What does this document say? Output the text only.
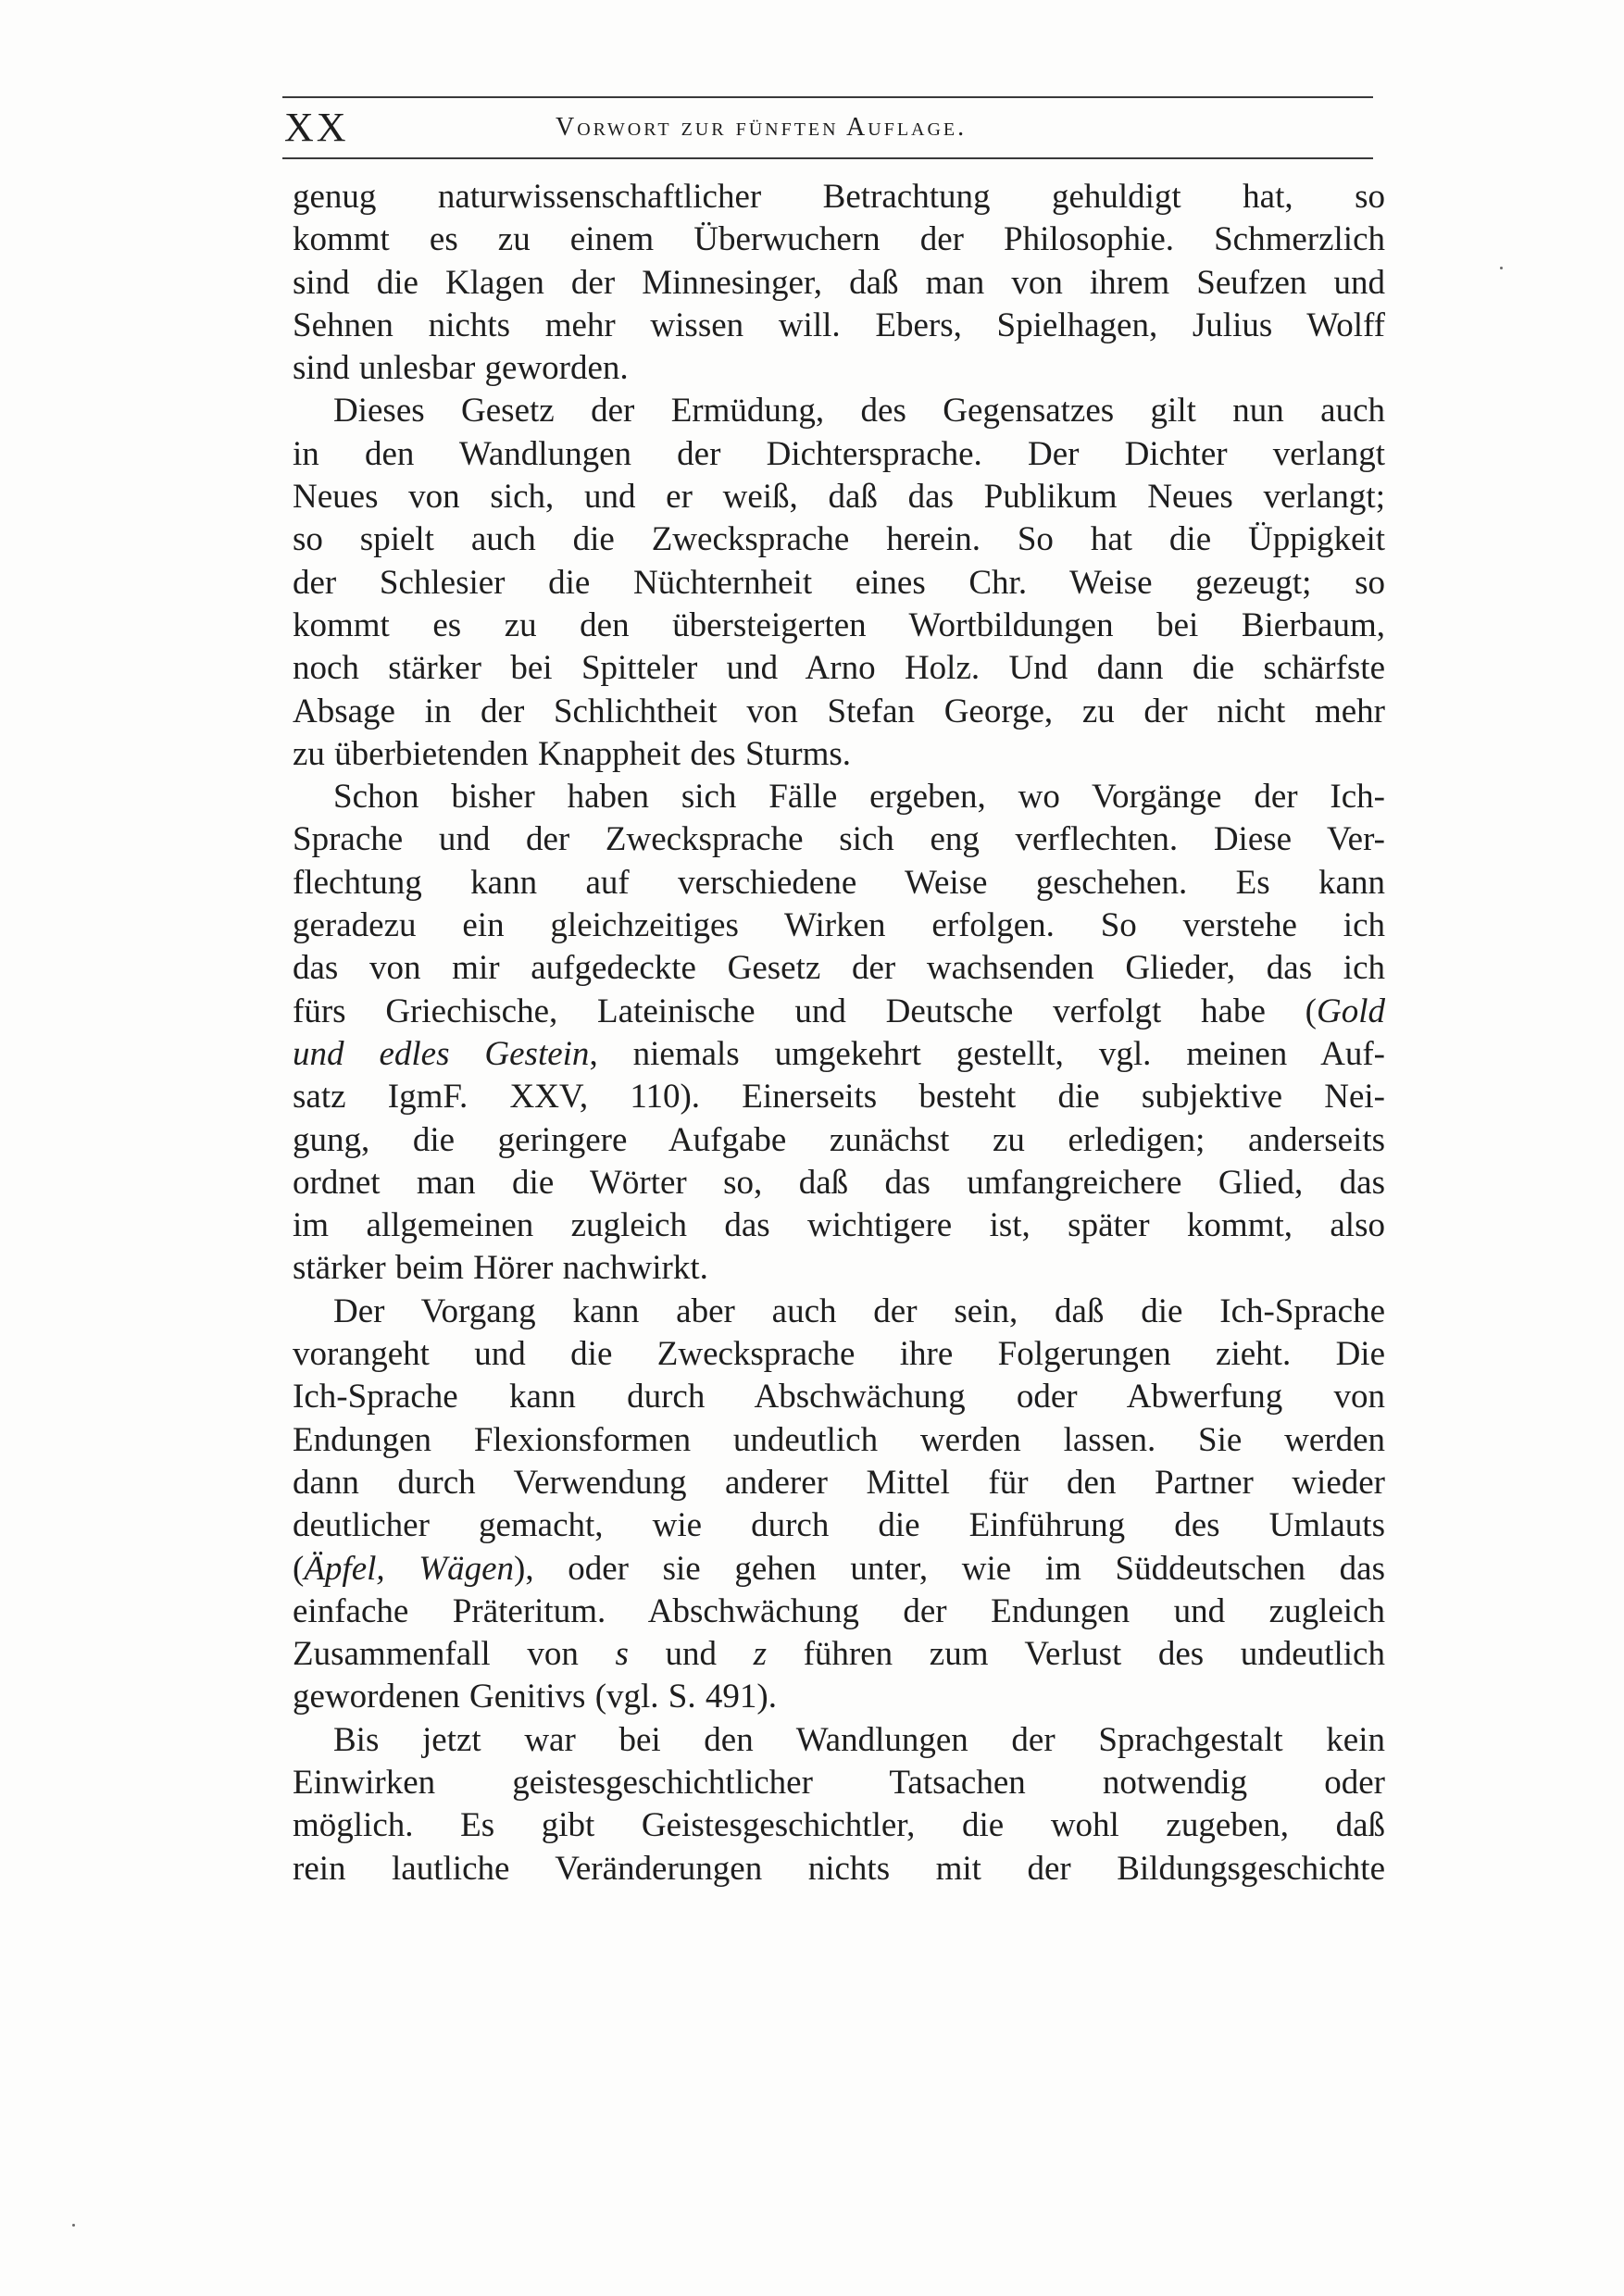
XX	Vorwort zur fünften Auflage.
genug naturwissenschaftlicher Betrachtung gehuldigt hat, so
kommt es zu einem Überwuchern der Philosophie. Schmerzlich
sind die Klagen der Minnesinger, daß man von ihrem Seufzen und
Sehnen nichts mehr wissen will. Ebers, Spielhagen, Julius Wolff
sind unlesbar geworden.
Dieses Gesetz der Ermüdung, des Gegensatzes gilt nun auch
in den Wandlungen der Dichtersprache. Der Dichter verlangt
Neues von sich, und er weiß, daß das Publikum Neues verlangt;
so spielt auch die Zwecksprache herein. So hat die Üppigkeit
der Schlesier die Nüchternheit eines Chr. Weise gezeugt; so
kommt es zu den übersteigerten Wortbildungen bei Bierbaum,
noch stärker bei Spitteler und Arno Holz. Und dann die schärfste
Absage in der Schlichtheit von Stefan George, zu der nicht mehr
zu überbietenden Knappheit des Sturms.
Schon bisher haben sich Fälle ergeben, wo Vorgänge der Ich-
Sprache und der Zwecksprache sich eng verflechten. Diese Ver-
flechtung kann auf verschiedene Weise geschehen. Es kann
geradezu ein gleichzeitiges Wirken erfolgen. So verstehe ich
das von mir aufgedeckte Gesetz der wachsenden Glieder, das ich
fürs Griechische, Lateinische und Deutsche verfolgt habe (Gold
und edles Gestein, niemals umgekehrt gestellt, vgl. meinen Auf-
satz IgmF. XXV, 110). Einerseits besteht die subjektive Nei-
gung, die geringere Aufgabe zunächst zu erledigen; anderseits
ordnet man die Wörter so, daß das umfangreichere Glied, das
im allgemeinen zugleich das wichtigere ist, später kommt, also
stärker beim Hörer nachwirkt.
Der Vorgang kann aber auch der sein, daß die Ich-Sprache
vorangeht und die Zwecksprache ihre Folgerungen zieht. Die
Ich-Sprache kann durch Abschwächung oder Abwerfung von
Endungen Flexionsformen undeutlich werden lassen. Sie werden
dann durch Verwendung anderer Mittel für den Partner wieder
deutlicher gemacht, wie durch die Einführung des Umlauts
(Äpfel, Wägen), oder sie gehen unter, wie im Süddeutschen das
einfache Präteritum. Abschwächung der Endungen und zugleich
Zusammenfall von s und z führen zum Verlust des undeutlich
gewordenen Genitivs (vgl. S. 491).
Bis jetzt war bei den Wandlungen der Sprachgestalt kein
Einwirken geistesgeschichtlicher Tatsachen notwendig oder
möglich. Es gibt Geistesgeschichtler, die wohl zugeben, daß
rein lautliche Veränderungen nichts mit der Bildungsgeschichte
